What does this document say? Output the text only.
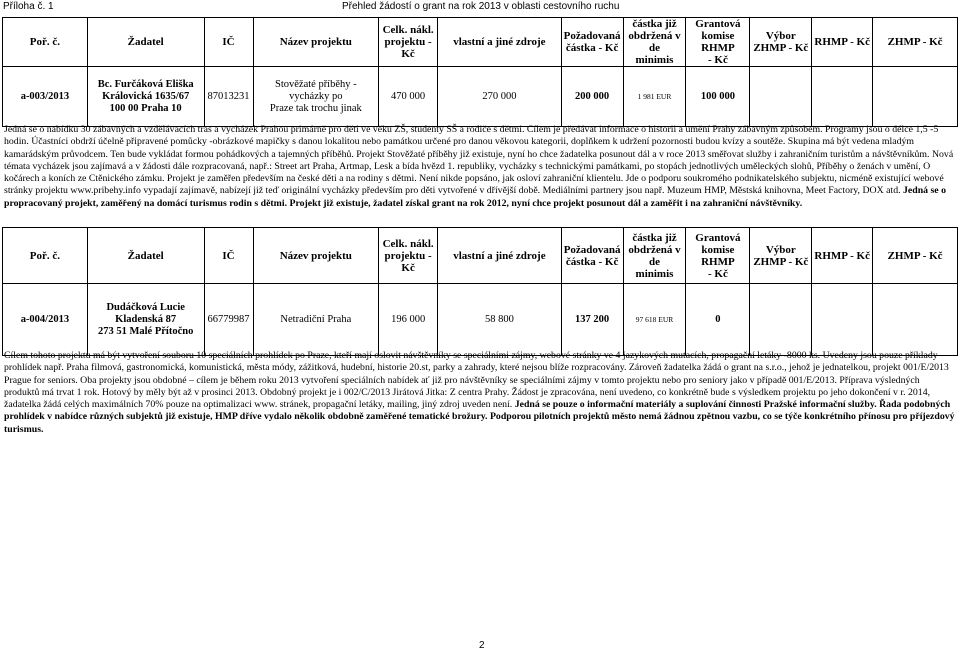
Příloha č. 1	Přehled žádostí o grant na rok 2013 v oblasti cestovního ruchu
Poř. č.	Žadatel	IČ	Název projektu	Celk. nákl.
projektu - Kč	vlastní a jiné zdroje	Požadovaná
částka - Kč	částka již
obdržená v de
minimis	Grantová
komise RHMP
- Kč	Výbor
ZHMP - Kč	RHMP - Kč	ZHMP - Kč
a-003/2013	Bc. Furčáková Eliška
Královická 1635/67
100 00 Praha 10	87013231	Stověžaté příběhy - vycházky po
Praze tak trochu jinak	470 000	270 000	200 000	1 981 EUR	100 000			

Jedná se o nabídku 30 zábavných a vzdělávacích tras a vycházek Prahou primárně pro děti ve věku ZŠ, studenty SŠ a rodiče s dětmi. Cílem je předávat informace o historii a umění Prahy zábavným způsobem. Programy jsou o délce 1,5 -5 hodin. Účastníci obdrží účelně připravené pomůcky -obrázkové mapičky s danou lokalitou nebo památkou určené pro danou věkovou kategorii, doplňkem k udržení pozornosti budou kvízy a soutěže. Skupina má být vedena mladým kamarádským průvodcem. Ten bude vykládat formou pohádkových a tajemných příběhů. Projekt Stověžaté příběhy již existuje, nyní ho chce žadatelka posunout dál a v roce 2013 směřovat služby i zahraničním turistům a návštěvníkům. Nová témata vycházek jsou zajímavá a v žádosti dále rozpracovaná, např.: Street art Praha, Artmap, Lesk a bída hvězd 1. republiky, vycházky s technickými památkami, po stopách jednotlivých uměleckých slohů, Příběhy o ženách v umění, O kočárech a koních ze Ctěnického zámku. Projekt je zaměřen především na české děti a na rodiny s dětmi. Není nikde popsáno, jak osloví zahraniční klientelu. Jde o podporu soukromého podnikatelského subjektu, nicméně existující webové stránky projektu www.pribehy.info vypadají zajímavě, nabízejí již teď originální vycházky především pro děti vytvořené v dřívější době. Mediálními partnery jsou např. Muzeum HMP, Městská knihovna, Meet Factory, DOX atd. Jedná se o propracovaný projekt, zaměřený na domácí turismus rodin s dětmi. Projekt již existuje, žadatel získal grant na rok 2012, nyní chce projekt posunout dál a zaměřit i na zahraniční návštěvníky.

Poř. č.	Žadatel	IČ	Název projektu	Celk. nákl.
projektu - Kč	vlastní a jiné zdroje	Požadovaná
částka - Kč	částka již
obdržená v de
minimis	Grantová
komise RHMP
- Kč	Výbor
ZHMP - Kč	RHMP - Kč	ZHMP - Kč
a-004/2013	Dudáčková Lucie
Kladenská 87
273 51 Malé Přítočno	66779987	Netradiční Praha	196 000	58 800	137 200	97 618 EUR	0			

Cílem tohoto projektu má být vytvoření souboru 10 speciálních prohlídek po Praze, kteří mají oslovit návštěvníky se speciálními zájmy, webové stránky ve 4 jazykových mutacích, propagační letáky -8000 ks. Uvedeny jsou pouze příklady prohlídek např. Praha filmová, gastronomická, komunistická, města módy, zážitková, hudební, historie 20.st, parky a zahrady, které nejsou blíže rozpracovány. Zároveň žadatelka žádá o grant na s.r.o., jehož je jednatelkou, projekt 001/E/2013 Prague for seniors. Oba projekty jsou obdobné – cílem je během roku 2013 vytvoření speciálních nabídek ať již pro návštěvníky se speciálními zájmy v tomto projektu nebo pro seniory jako v případě 001/E/2013. Příprava výsledných produktů má trvat 1 rok. Hotový by měly být až v prosinci 2013. Obdobný projekt je i 002/C/2013 Jirátová Jitka: Z centra Prahy. Žádost je zpracována, není uvedeno, co konkrétně bude s výsledkem projektu po jeho dokončení v r. 2014, žadatelka žádá celých maximálních 70% pouze na optimalizaci www. stránek, propagační letáky, mailing, jiný zdroj uveden není. Jedná se pouze o informační materiály a suplování činnosti Pražské informační služby. Řada podobných prohlídek v nabídce různých subjektů již existuje, HMP dříve vydalo několik obdobně zaměřené tematické brožury. Podporou pilotních projektů město nemá žádnou zpětnou vazbu, co se týče konkrétního přínosu pro příjezdový turismus.

2
